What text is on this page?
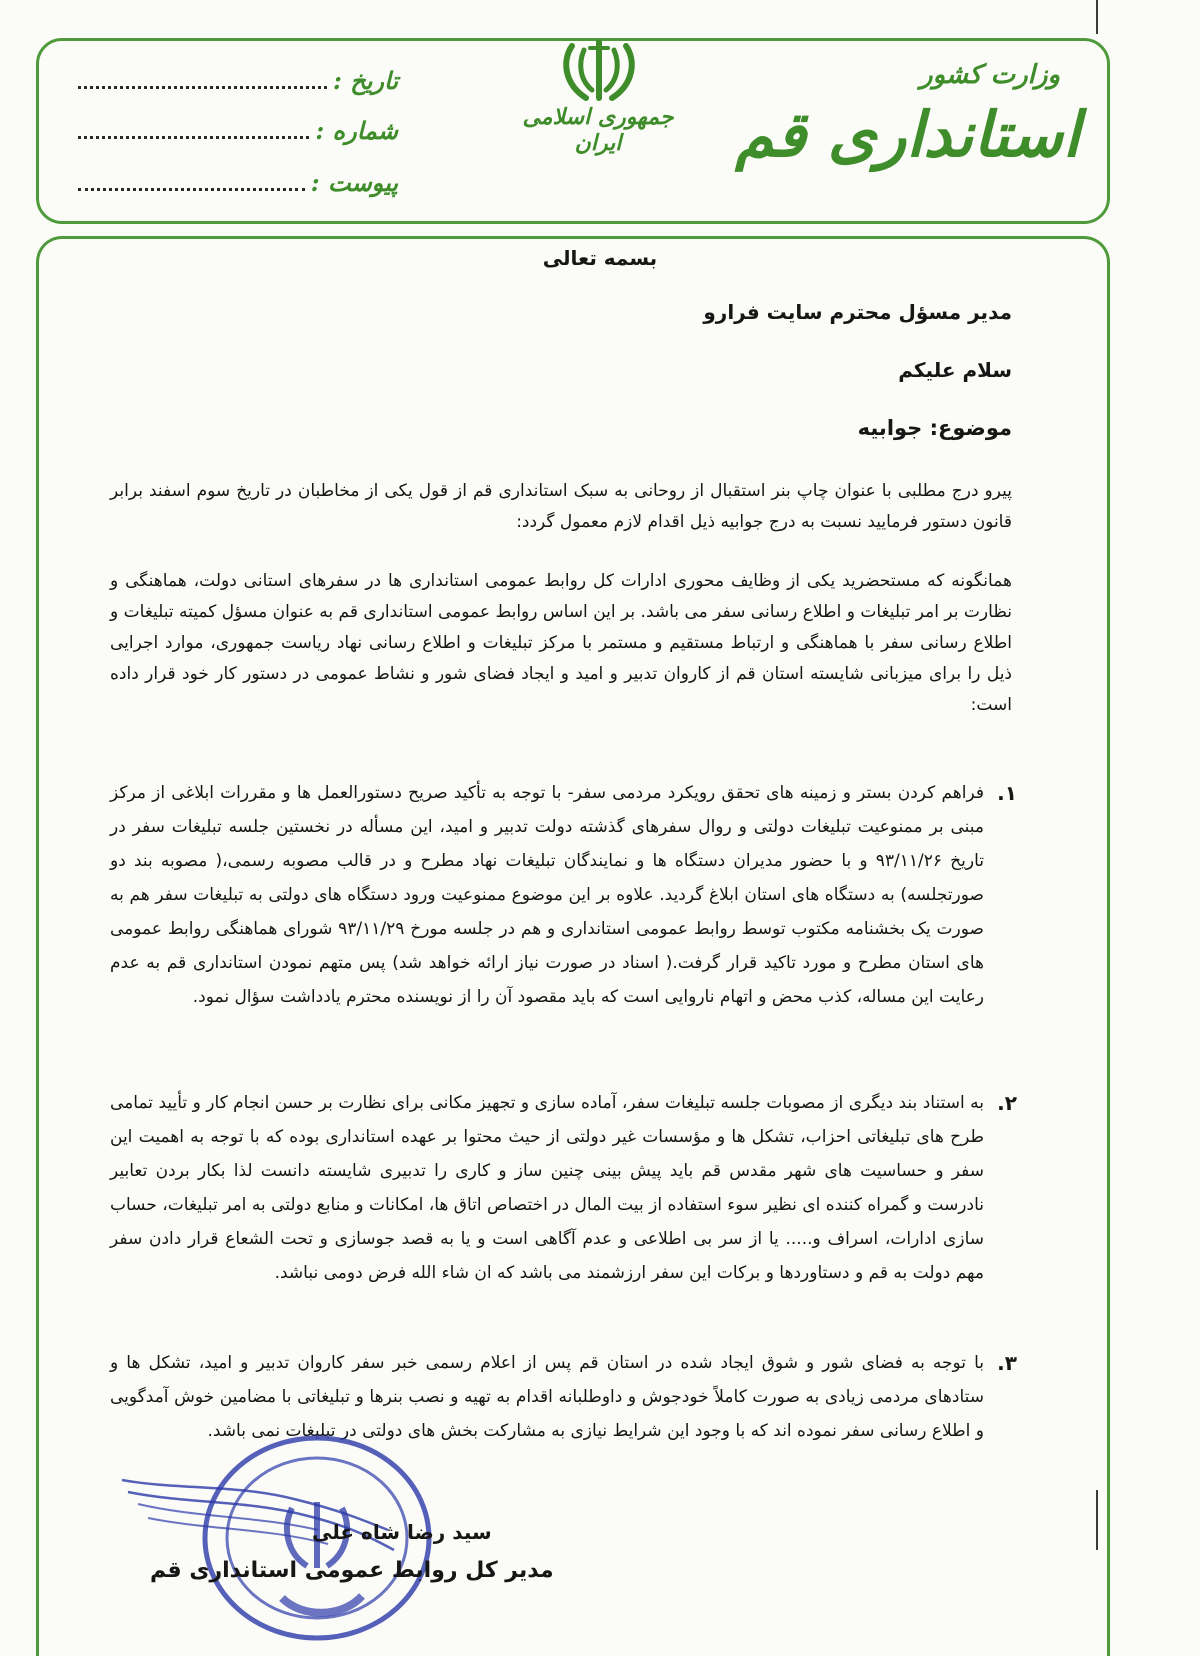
وزارت کشور
استانداری قم
جمهوری اسلامی ایران
تاریخ :
شماره :
پیوست :
بسمه تعالی
مدیر مسؤل محترم سایت فرارو
سلام علیکم
موضوع: جوابیه
پیرو درج مطلبی با عنوان چاپ بنر استقبال از روحانی به سبک استانداری قم از قول یکی از مخاطبان در تاریخ سوم اسفند برابر قانون دستور فرمایید نسبت به درج جوابیه ذیل اقدام لازم معمول گردد:
همانگونه که مستحضرید یکی از وظایف محوری ادارات کل روابط عمومی استانداری ها در سفرهای استانی دولت، هماهنگی و نظارت بر امر تبلیغات و اطلاع رسانی سفر می باشد. بر این اساس روابط عمومی استانداری قم به عنوان مسؤل کمیته تبلیغات و اطلاع رسانی سفر با هماهنگی و ارتباط مستقیم و مستمر با مرکز تبلیغات و اطلاع رسانی نهاد ریاست جمهوری، موارد اجرایی ذیل را برای میزبانی شایسته استان قم از کاروان تدبیر و امید و ایجاد فضای شور و نشاط عمومی در دستور کار خود قرار داده است:
۱.
فراهم کردن بستر و زمینه های تحقق رویکرد مردمی سفر- با توجه به تأکید صریح دستورالعمل ها و مقررات ابلاغی از مرکز مبنی بر ممنوعیت تبلیغات دولتی و روال سفرهای گذشته دولت تدبیر و امید، این مسأله در نخستین جلسه تبلیغات سفر در تاریخ ۹۳/۱۱/۲۶ و با حضور مدیران دستگاه ها و نمایندگان تبلیغات نهاد مطرح و در قالب مصوبه رسمی،( مصوبه بند دو صورتجلسه) به دستگاه های استان ابلاغ گردید. علاوه بر این موضوع ممنوعیت ورود دستگاه های دولتی به تبلیغات سفر هم به صورت یک بخشنامه مکتوب توسط روابط عمومی استانداری و هم در جلسه مورخ ۹۳/۱۱/۲۹ شورای هماهنگی روابط عمومی های استان مطرح و مورد تاکید قرار گرفت.( اسناد در صورت نیاز ارائه خواهد شد) پس متهم نمودن استانداری قم به عدم رعایت این مساله، کذب محض و اتهام ناروایی است که باید مقصود آن را از نویسنده محترم یادداشت سؤال نمود.
۲.
به استناد بند دیگری از مصوبات جلسه تبلیغات سفر، آماده سازی و تجهیز مکانی برای نظارت بر حسن انجام کار و تأیید تمامی طرح های تبلیغاتی احزاب، تشکل ها و مؤسسات غیر دولتی از حیث محتوا بر عهده استانداری بوده که با توجه به اهمیت این سفر و حساسیت های شهر مقدس قم باید پیش بینی چنین ساز و کاری را تدبیری شایسته دانست لذا بکار بردن تعابیر نادرست و گمراه کننده ای نظیر سوء استفاده از بیت المال در اختصاص اتاق ها، امکانات و منابع دولتی به امر تبلیغات، حساب سازی ادارات، اسراف و..... یا از سر بی اطلاعی و عدم آگاهی است و یا به قصد جوسازی و تحت الشعاع قرار دادن سفر مهم دولت به قم و دستاوردها و برکات این سفر ارزشمند می باشد که ان شاء الله فرض دومی نباشد.
۳.
با توجه به فضای شور و شوق ایجاد شده در استان قم پس از اعلام رسمی خبر سفر کاروان تدبیر و امید، تشکل ها و ستادهای مردمی زیادی به صورت کاملاً خودجوش و داوطلبانه اقدام به تهیه و نصب بنرها و تبلیغاتی با مضامین خوش آمدگویی و اطلاع رسانی سفر نموده اند که با وجود این شرایط نیازی به مشارکت بخش های دولتی در تبلیغات نمی باشد.
سید رضا شاه علی
مدیر کل روابط عمومی استانداری قم
